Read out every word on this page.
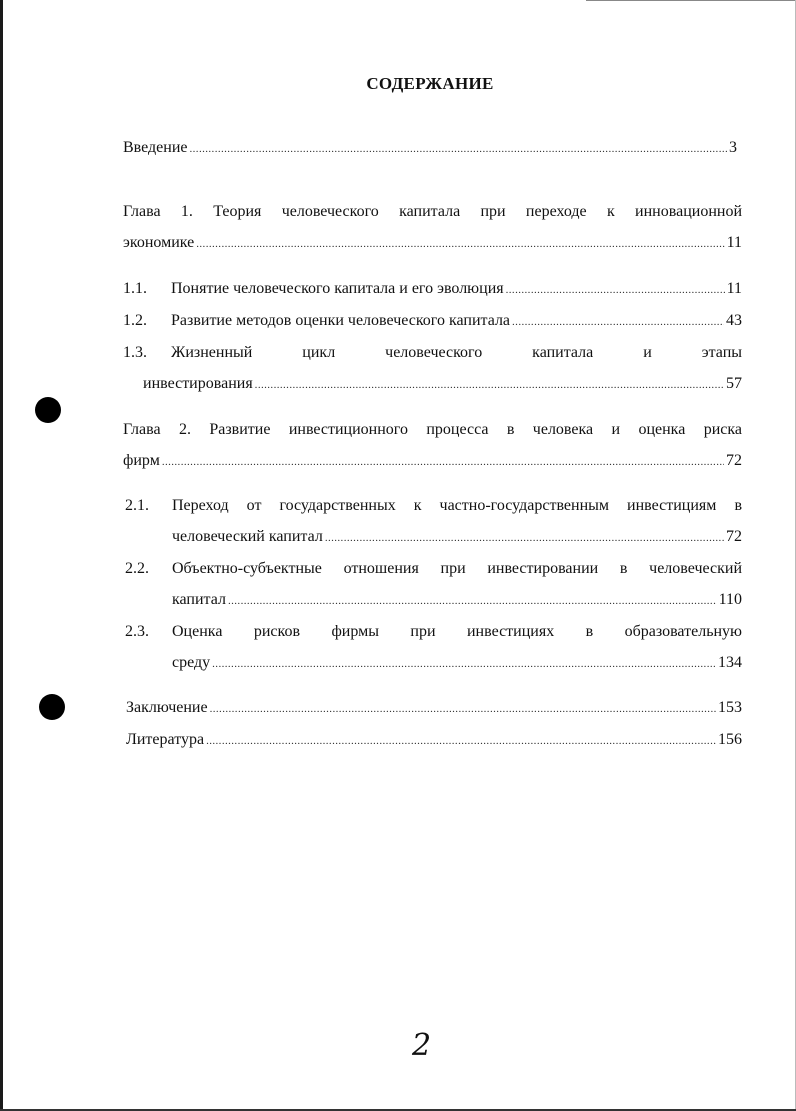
СОДЕРЖАНИЕ
Введение .....	3
Глава 1. Теория человеческого капитала при переходе к инновационной
экономике .....	11
1.1. Понятие человеческого капитала и его эволюция .....	11
1.2. Развитие методов оценки человеческого капитала .....	43
1.3. Жизненный цикл человеческого капитала и этапы
инвестирования .....	57
Глава 2. Развитие инвестиционного процесса в человека и оценка риска
фирм .....	72
2.1. Переход от государственных к частно-государственным инвестициям в
человеческий капитал .....	72
2.2. Объектно-субъектные отношения при инвестировании в человеческий
капитал .....	110
2.3. Оценка рисков фирмы при инвестициях в образовательную
среду .....	134
Заключение .....	153
Литература .....	156
2
